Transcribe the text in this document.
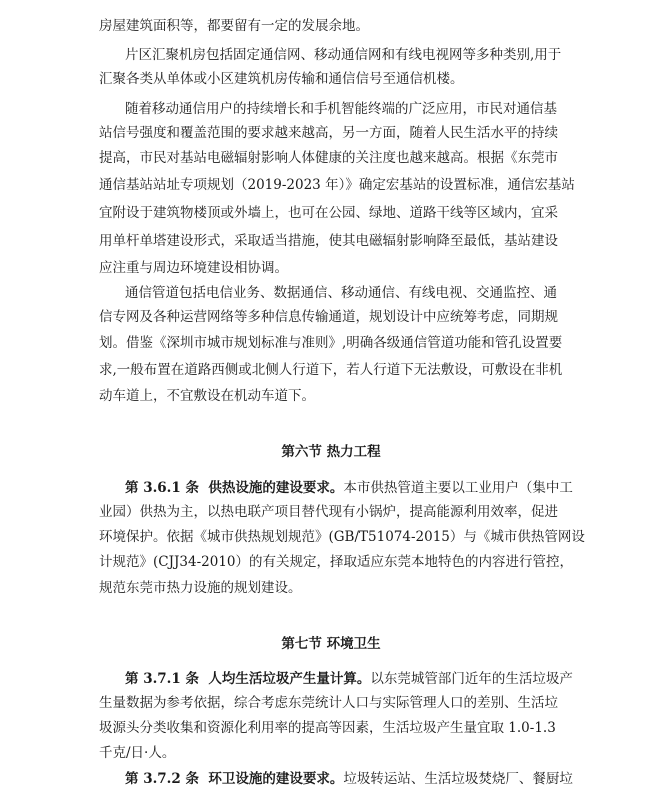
房屋建筑面积等，都要留有一定的发展余地。
片区汇聚机房包括固定通信网、移动通信网和有线电视网等多种类别,用于
汇聚各类从单体或小区建筑机房传输和通信信号至通信机楼。
随着移动通信用户的持续增长和手机智能终端的广泛应用，市民对通信基
站信号强度和覆盖范围的要求越来越高，另一方面，随着人民生活水平的持续
提高，市民对基站电磁辐射影响人体健康的关注度也越来越高。根据《东莞市
通信基站站址专项规划（2019-2023 年）》确定宏基站的设置标准，通信宏基站
宜附设于建筑物楼顶或外墙上，也可在公园、绿地、道路干线等区域内，宜采
用单杆单塔建设形式，采取适当措施，使其电磁辐射影响降至最低，基站建设
应注重与周边环境建设相协调。
通信管道包括电信业务、数据通信、移动通信、有线电视、交通监控、通
信专网及各种运营网络等多种信息传输通道，规划设计中应统筹考虑，同期规
划。借鉴《深圳市城市规划标准与准则》,明确各级通信管道功能和管孔设置要
求,一般布置在道路西侧或北侧人行道下，若人行道下无法敷设，可敷设在非机
动车道上，不宜敷设在机动车道下。
第六节 热力工程
第 3.6.1 条  供热设施的建设要求。本市供热管道主要以工业用户（集中工
业园）供热为主，以热电联产项目替代现有小锅炉，提高能源利用效率，促进
环境保护。依据《城市供热规划规范》(GB/T51074-2015）与《城市供热管网设
计规范》(CJJ34-2010）的有关规定，择取适应东莞本地特色的内容进行管控，
规范东莞市热力设施的规划建设。
第七节 环境卫生
第 3.7.1 条  人均生活垃圾产生量计算。以东莞城管部门近年的生活垃圾产
生量数据为参考依据，综合考虑东莞统计人口与实际管理人口的差别、生活垃
圾源头分类收集和资源化利用率的提高等因素，生活垃圾产生量宜取 1.0-1.3
千克/日·人。
第 3.7.2 条  环卫设施的建设要求。垃圾转运站、生活垃圾焚烧厂、餐厨垃
